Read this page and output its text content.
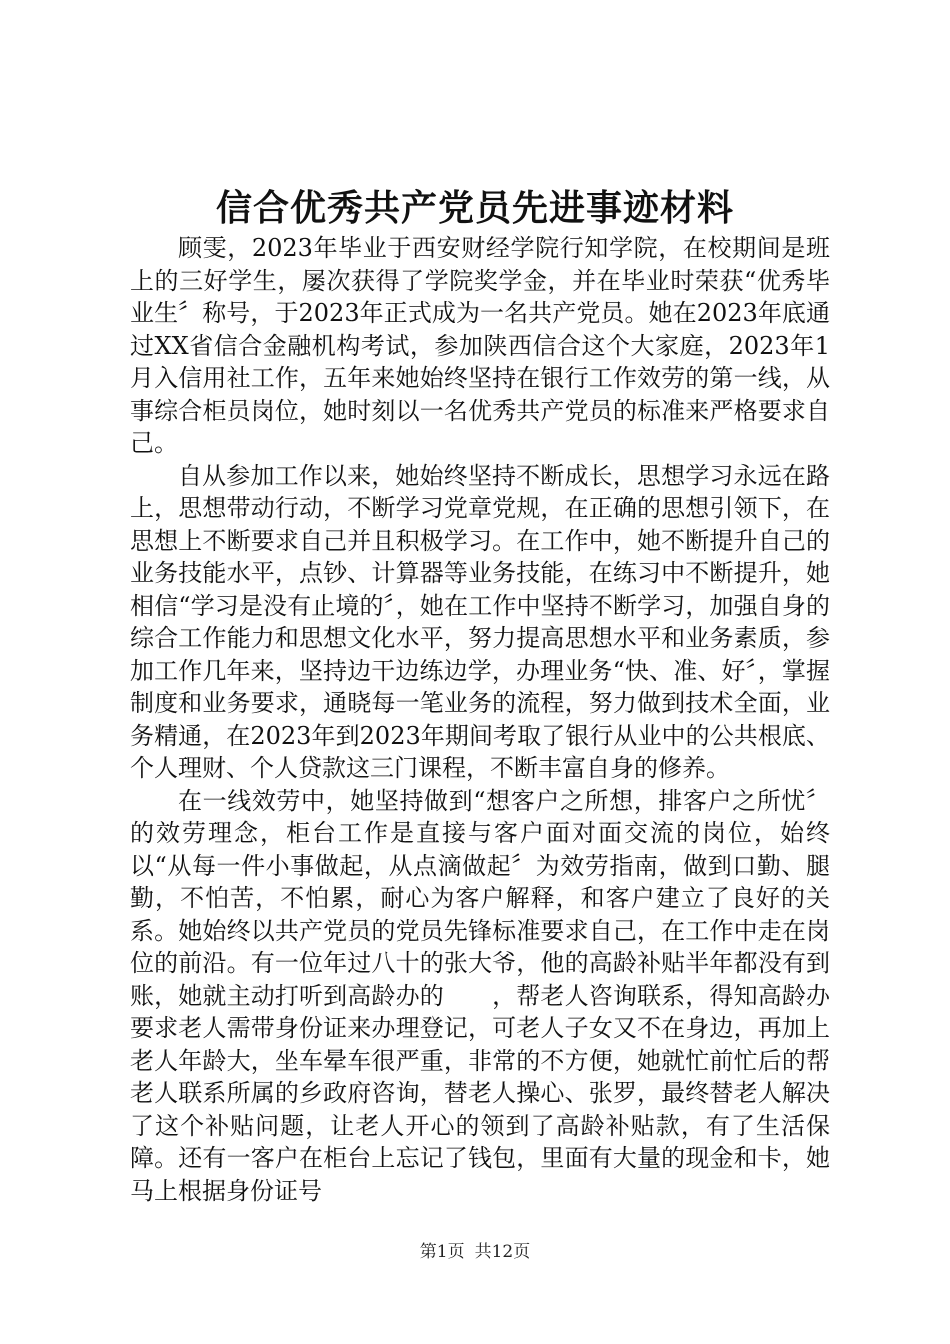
信合优秀共产党员先进事迹材料

顾雯，2023年毕业于西安财经学院行知学院，在校期间是班上的三好学生，屡次获得了学院奖学金，并在毕业时荣获“优秀毕业生〞称号，于2023年正式成为一名共产党员。她在2023年底通过XX省信合金融机构考试，参加陕西信合这个大家庭，2023年1月入信用社工作，五年来她始终坚持在银行工作效劳的第一线，从事综合柜员岗位，她时刻以一名优秀共产党员的标准来严格要求自己。

自从参加工作以来，她始终坚持不断成长，思想学习永远在路上，思想带动行动，不断学习党章党规，在正确的思想引领下，在思想上不断要求自己并且积极学习。在工作中，她不断提升自己的业务技能水平，点钞、计算器等业务技能，在练习中不断提升，她相信“学习是没有止境的〞，她在工作中坚持不断学习，加强自身的综合工作能力和思想文化水平，努力提高思想水平和业务素质，参加工作几年来，坚持边干边练边学，办理业务“快、准、好〞，掌握制度和业务要求，通晓每一笔业务的流程，努力做到技术全面，业务精通，在2023年到2023年期间考取了银行从业中的公共根底、个人理财、个人贷款这三门课程，不断丰富自身的修养。

在一线效劳中，她坚持做到“想客户之所想，排客户之所忧〞的效劳理念，柜台工作是直接与客户面对面交流的岗位，始终以“从每一件小事做起，从点滴做起〞为效劳指南，做到口勤、腿勤，不怕苦，不怕累，耐心为客户解释，和客户建立了良好的关系。她始终以共产党员的党员先锋标准要求自己，在工作中走在岗位的前沿。有一位年过八十的张大爷，他的高龄补贴半年都没有到账，她就主动打听到高龄办的　　，帮老人咨询联系，得知高龄办要求老人需带身份证来办理登记，可老人子女又不在身边，再加上老人年龄大，坐车晕车很严重，非常的不方便，她就忙前忙后的帮老人联系所属的乡政府咨询，替老人操心、张罗，最终替老人解决了这个补贴问题，让老人开心的领到了高龄补贴款，有了生活保障。还有一客户在柜台上忘记了钱包，里面有大量的现金和卡，她马上根据身份证号

第1页 共12页
